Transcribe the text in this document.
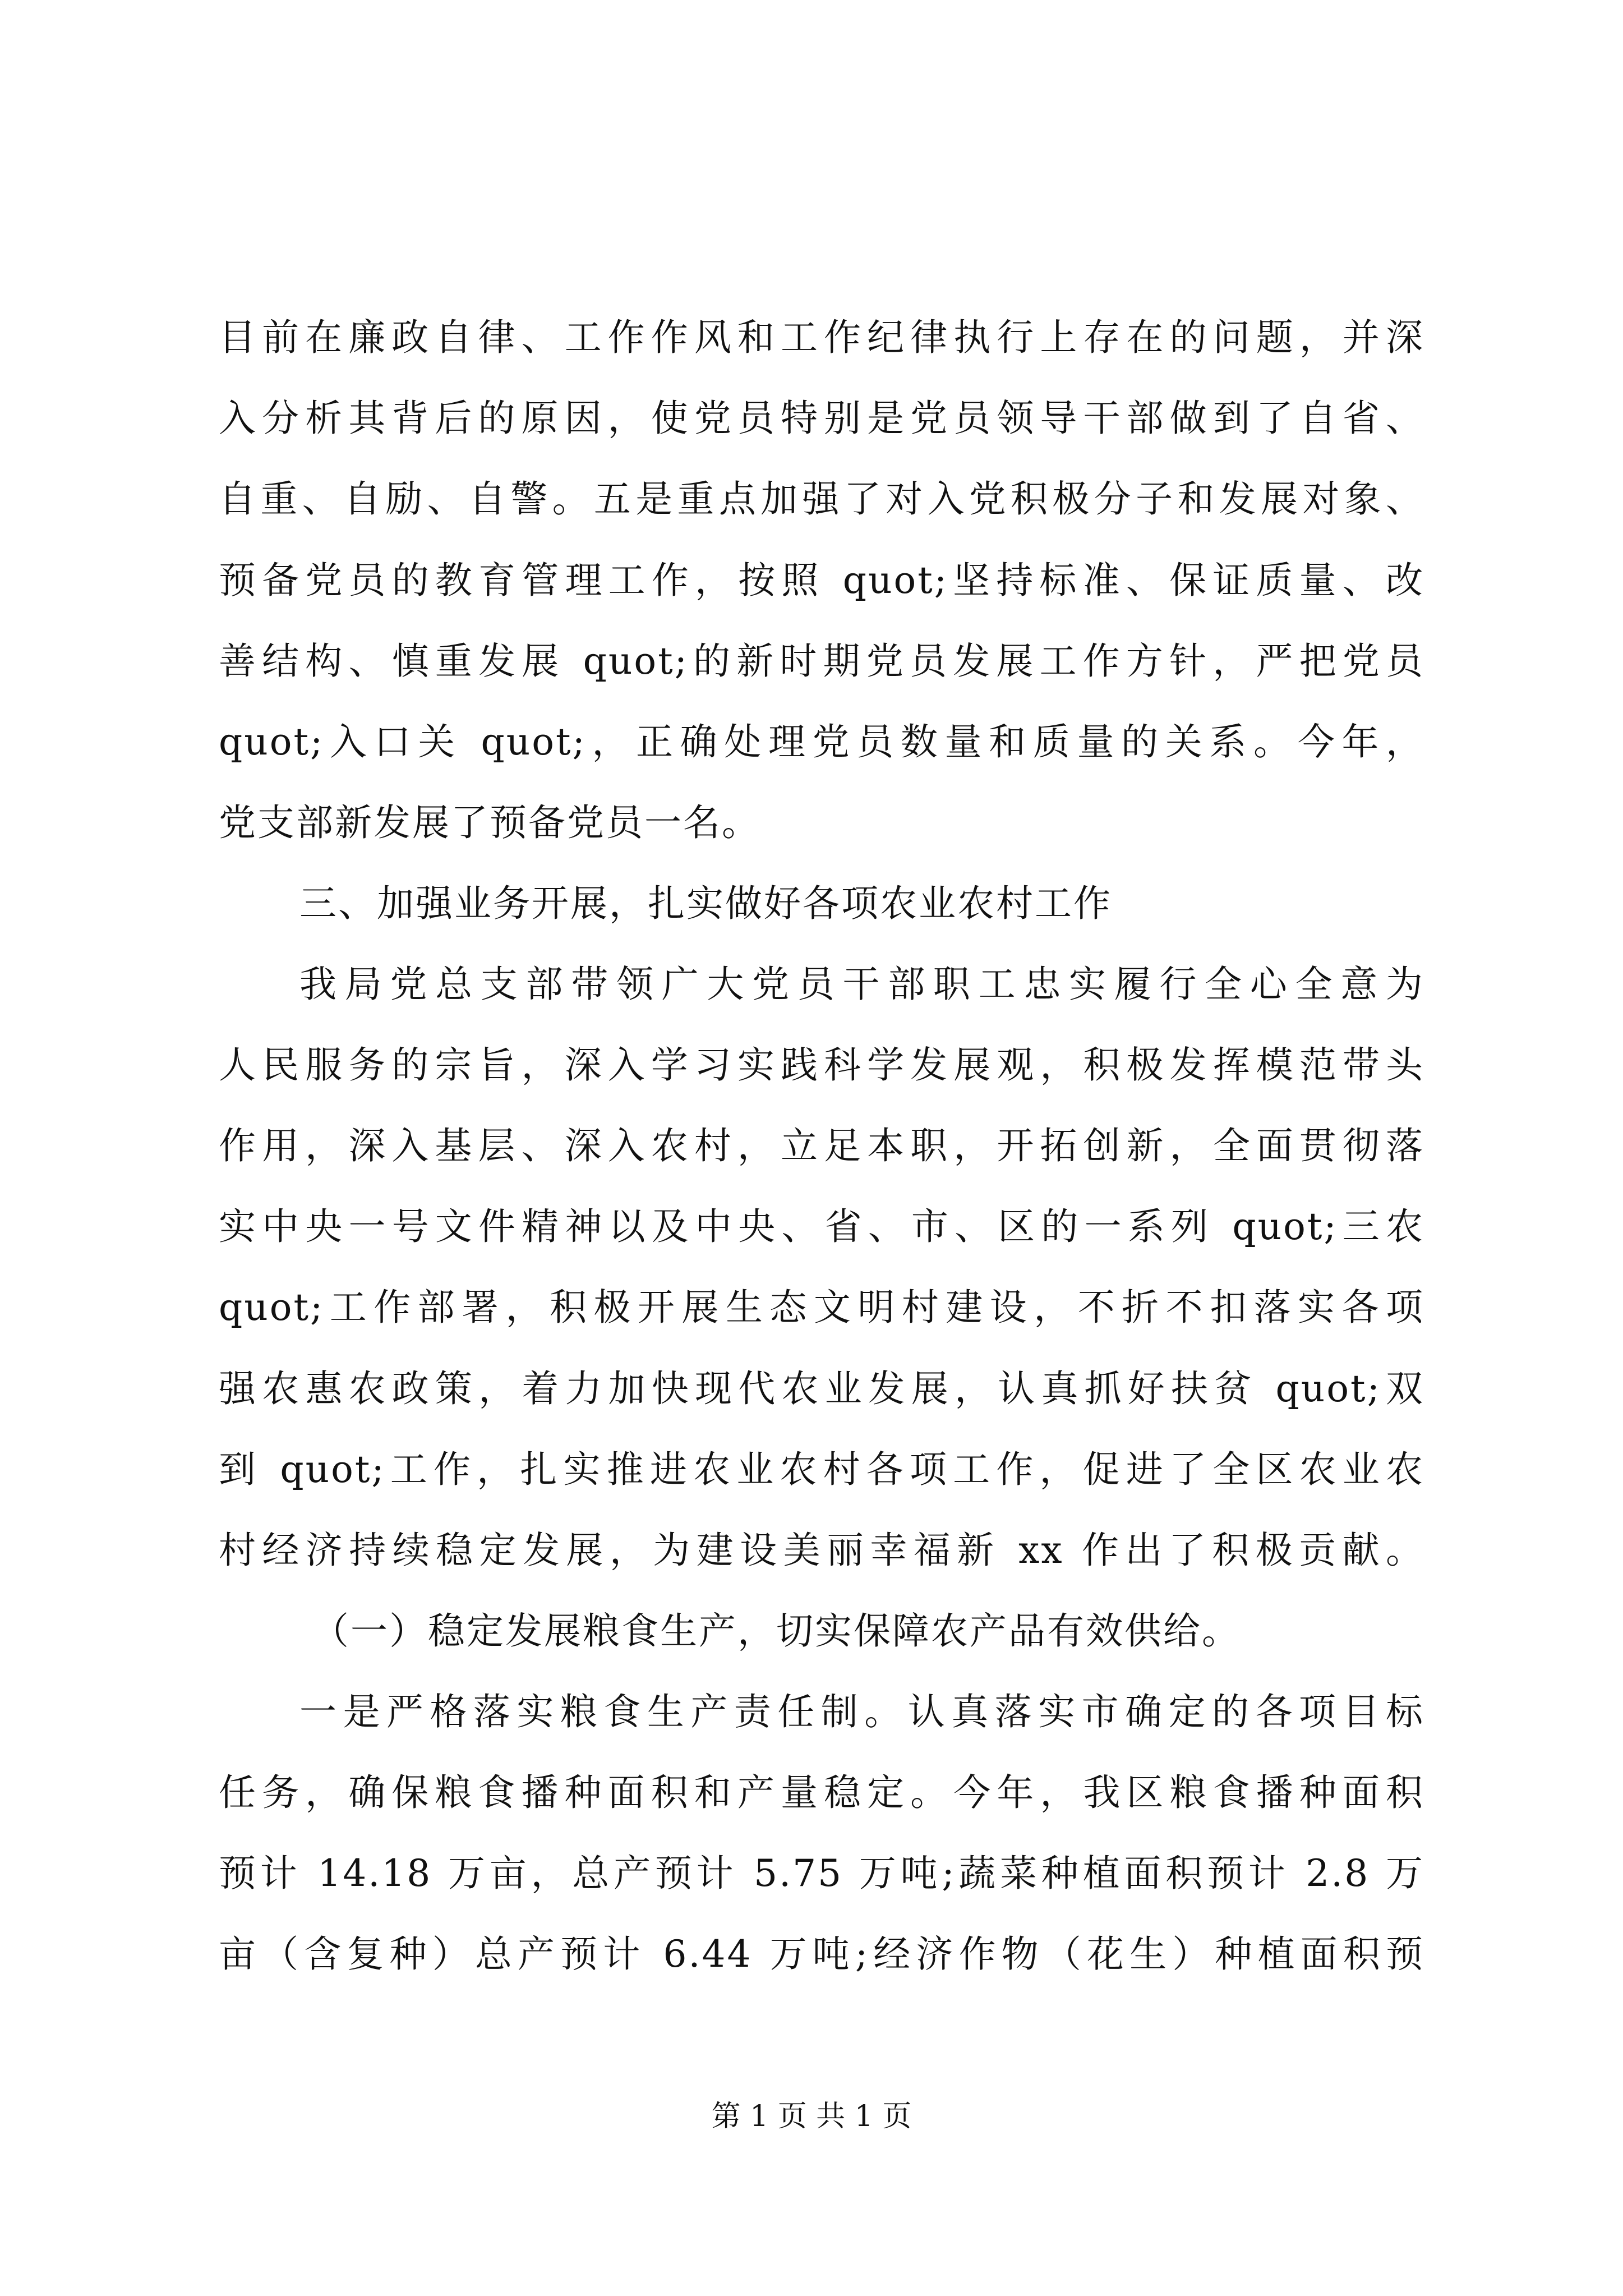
目前在廉政自律、工作作风和工作纪律执行上存在的问题，并深
入分析其背后的原因，使党员特别是党员领导干部做到了自省、
自重、自励、自警。五是重点加强了对入党积极分子和发展对象、
预备党员的教育管理工作，按照 quot;坚持标准、保证质量、改
善结构、慎重发展 quot;的新时期党员发展工作方针，严把党员
quot;入口关 quot;，正确处理党员数量和质量的关系。今年，
党支部新发展了预备党员一名。
三、加强业务开展，扎实做好各项农业农村工作
我局党总支部带领广大党员干部职工忠实履行全心全意为
人民服务的宗旨，深入学习实践科学发展观，积极发挥模范带头
作用，深入基层、深入农村，立足本职，开拓创新，全面贯彻落
实中央一号文件精神以及中央、省、市、区的一系列 quot;三农
quot;工作部署，积极开展生态文明村建设，不折不扣落实各项
强农惠农政策，着力加快现代农业发展，认真抓好扶贫 quot;双
到 quot;工作，扎实推进农业农村各项工作，促进了全区农业农
村经济持续稳定发展，为建设美丽幸福新 xx 作出了积极贡献。
（一）稳定发展粮食生产，切实保障农产品有效供给。
一是严格落实粮食生产责任制。认真落实市确定的各项目标
任务，确保粮食播种面积和产量稳定。今年，我区粮食播种面积
预计 14.18 万亩，总产预计 5.75 万吨;蔬菜种植面积预计 2.8 万
亩（含复种）总产预计 6.44 万吨;经济作物（花生）种植面积预
第 1 页 共 1 页
